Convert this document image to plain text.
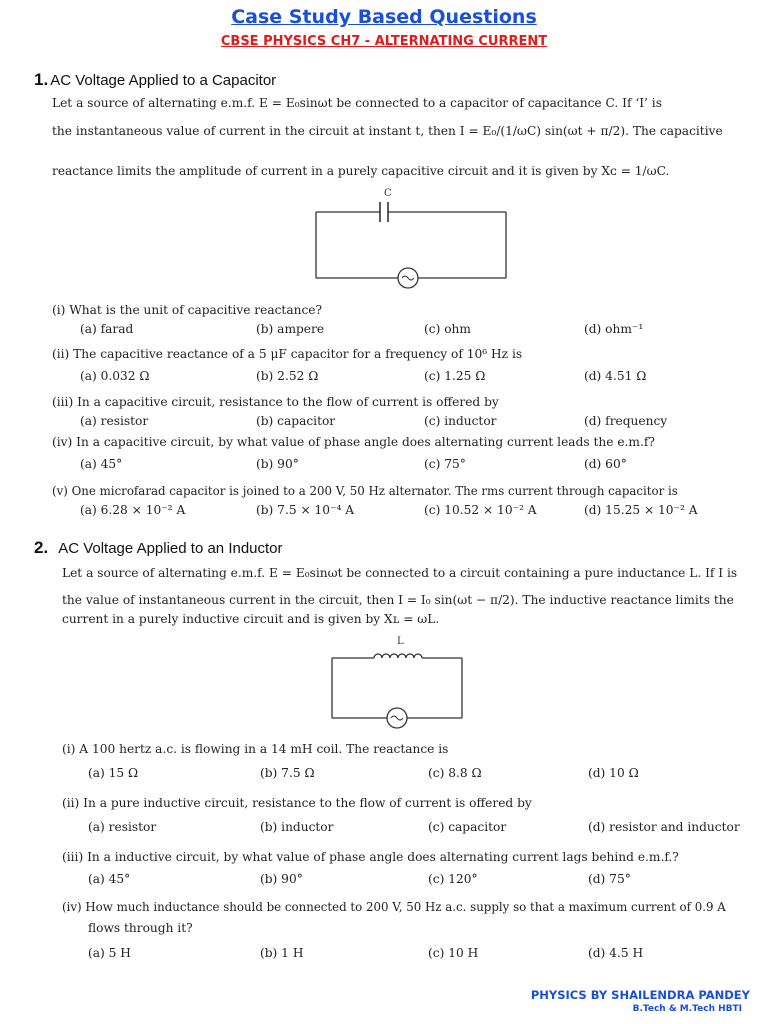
Case Study Based Questions
CBSE PHYSICS CH7 - ALTERNATING CURRENT
1. AC Voltage Applied to a Capacitor
Let a source of alternating e.m.f. E = E₀sinωt be connected to a capacitor of capacitance C. If ‘I’ is
the instantaneous value of current in the circuit at instant t, then I = E₀/(1/ωC) sin(ωt + π/2). The capacitive
reactance limits the amplitude of current in a purely capacitive circuit and it is given by Xᴄ = 1/ωC.
C
(i) What is the unit of capacitive reactance?
(a) farad	(b) ampere	(c) ohm	(d) ohm⁻¹
(ii) The capacitive reactance of a 5 μF capacitor for a frequency of 10⁶ Hz is
(a) 0.032 Ω	(b) 2.52 Ω	(c) 1.25 Ω	(d) 4.51 Ω
(iii) In a capacitive circuit, resistance to the flow of current is offered by
(a) resistor	(b) capacitor	(c) inductor	(d) frequency
(iv) In a capacitive circuit, by what value of phase angle does alternating current leads the e.m.f?
(a) 45°	(b) 90°	(c) 75°	(d) 60°
(v) One microfarad capacitor is joined to a 200 V, 50 Hz alternator. The rms current through capacitor is
(a) 6.28 × 10⁻² A	(b) 7.5 × 10⁻⁴ A	(c) 10.52 × 10⁻² A	(d) 15.25 × 10⁻² A
2. AC Voltage Applied to an Inductor
Let a source of alternating e.m.f. E = E₀sinωt be connected to a circuit containing a pure inductance L. If I is
the value of instantaneous current in the circuit, then I = I₀ sin(ωt − π/2). The inductive reactance limits the
current in a purely inductive circuit and is given by Xʟ = ωL.
L
(i) A 100 hertz a.c. is flowing in a 14 mH coil. The reactance is
(a) 15 Ω	(b) 7.5 Ω	(c) 8.8 Ω	(d) 10 Ω
(ii) In a pure inductive circuit, resistance to the flow of current is offered by
(a) resistor	(b) inductor	(c) capacitor	(d) resistor and inductor
(iii) In a inductive circuit, by what value of phase angle does alternating current lags behind e.m.f.?
(a) 45°	(b) 90°	(c) 120°	(d) 75°
(iv) How much inductance should be connected to 200 V, 50 Hz a.c. supply so that a maximum current of 0.9 A
flows through it?
(a) 5 H	(b) 1 H	(c) 10 H	(d) 4.5 H
PHYSICS BY SHAILENDRA PANDEY
B.Tech & M.Tech HBTI
